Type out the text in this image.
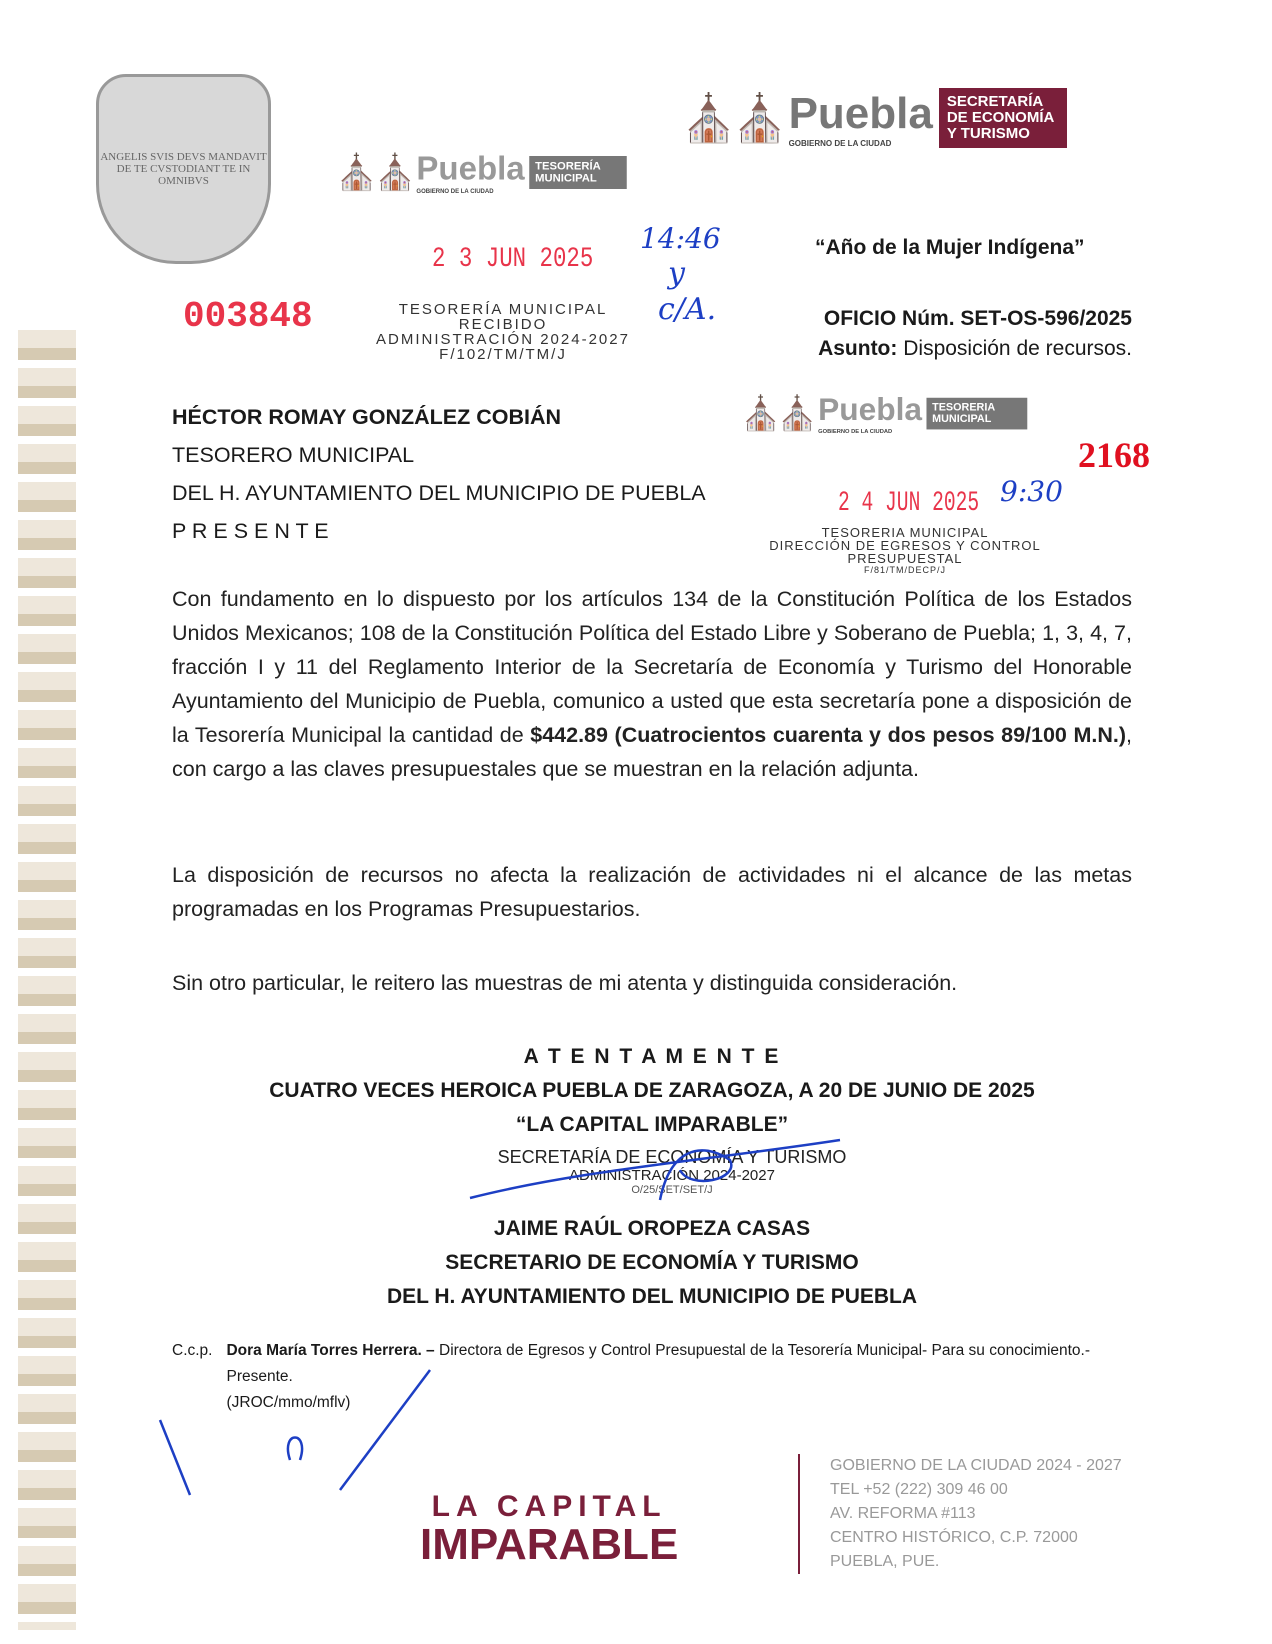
ANGELIS SVIS DEVS MANDAVIT DE TE CVSTODIANT TE IN OMNIBVS
⛪⛪ Puebla
GOBIERNO DE LA CIUDAD
SECRETARÍA DE ECONOMÍA Y TURISMO
⛪⛪ Puebla
GOBIERNO DE LA CIUDAD
TESORERÍA MUNICIPAL
2 3 JUN 2025
003848	TESORERÍA MUNICIPAL
RECIBIDO
ADMINISTRACIÓN 2024-2027
F/102/TM/TM/J
14:46
y
c/A.
“Año de la Mujer Indígena”
OFICIO Núm. SET-OS-596/2025
Asunto: Disposición de recursos.
⛪⛪ Puebla
GOBIERNO DE LA CIUDAD
TESORERIA MUNICIPAL
2168
2 4 JUN 2025 9:30
TESORERIA MUNICIPAL
DIRECCIÓN DE EGRESOS Y CONTROL
PRESUPUESTAL
F/81/TM/DECP/J
HÉCTOR ROMAY GONZÁLEZ COBIÁN
TESORERO MUNICIPAL
DEL H. AYUNTAMIENTO DEL MUNICIPIO DE PUEBLA
P R E S E N T E
Con fundamento en lo dispuesto por los artículos 134 de la Constitución Política de los Estados Unidos Mexicanos; 108 de la Constitución Política del Estado Libre y Soberano de Puebla; 1, 3, 4, 7, fracción I y 11 del Reglamento Interior de la Secretaría de Economía y Turismo del Honorable Ayuntamiento del Municipio de Puebla, comunico a usted que esta secretaría pone a disposición de la Tesorería Municipal la cantidad de $442.89 (Cuatrocientos cuarenta y dos pesos 89/100 M.N.), con cargo a las claves presupuestales que se muestran en la relación adjunta.
La disposición de recursos no afecta la realización de actividades ni el alcance de las metas programadas en los Programas Presupuestarios.
Sin otro particular, le reitero las muestras de mi atenta y distinguida consideración.
A T E N T A M E N T E
CUATRO VECES HEROICA PUEBLA DE ZARAGOZA, A 20 DE JUNIO DE 2025
“LA CAPITAL IMPARABLE”
SECRETARÍA DE ECONOMÍA Y TURISMO
ADMINISTRACIÓN 2024-2027
O/25/SET/SET/J
JAIME RAÚL OROPEZA CASAS
SECRETARIO DE ECONOMÍA Y TURISMO
DEL H. AYUNTAMIENTO DEL MUNICIPIO DE PUEBLA
C.c.p. Dora María Torres Herrera. – Directora de Egresos y Control Presupuestal de la Tesorería Municipal- Para su conocimiento.- Presente.
(JROC/mmo/mflv)
LA CAPITAL
IMPARABLE
GOBIERNO DE LA CIUDAD 2024 - 2027
TEL +52 (222) 309 46 00
AV. REFORMA #113
CENTRO HISTÓRICO, C.P. 72000
PUEBLA, PUE.
